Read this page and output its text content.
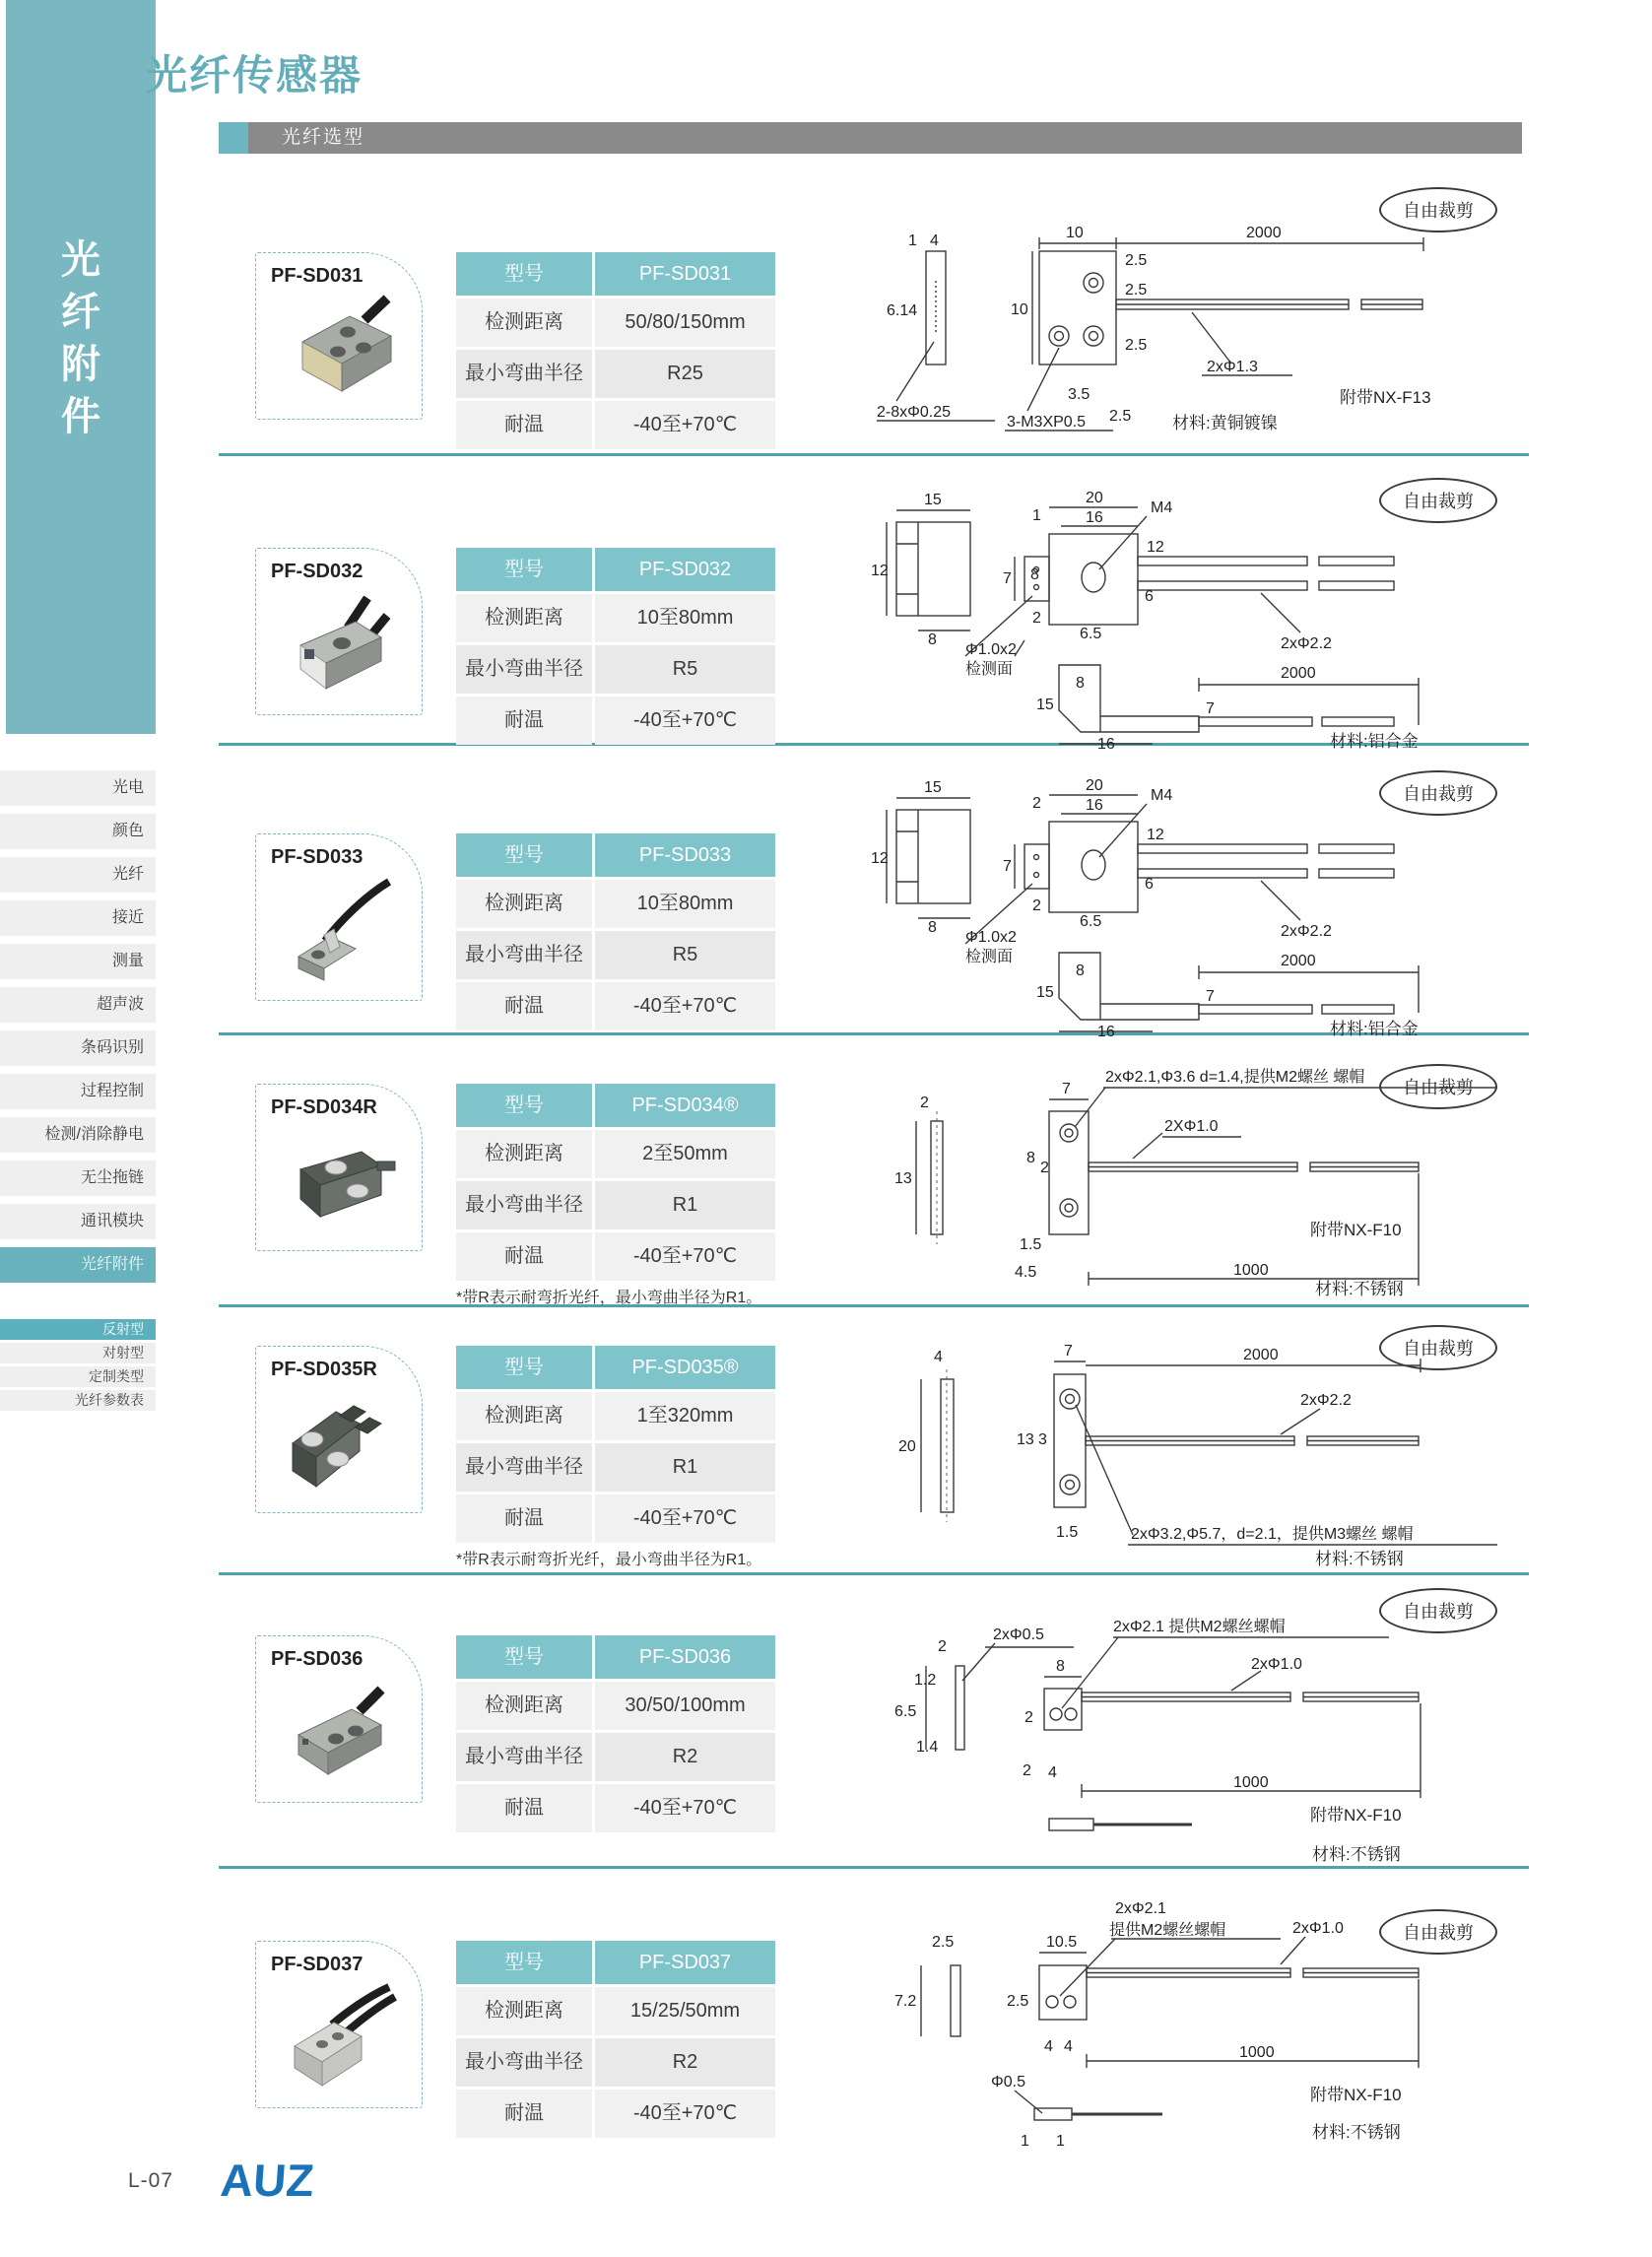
光纤附件
光电
颜色
光纤
接近
测量
超声波
条码识别
过程控制
检测/消除静电
无尘拖链
通讯模块
光纤附件
反射型
对射型
定制类型
光纤参数表
光纤传感器
光纤选型
自由裁剪
PF-SD031	型号	PF-SD031
检测距离	50/80/150mm
最小弯曲半径	R25
耐温	-40至+70℃
1 4
6.14
2-8xΦ0.25
10	2000
2.5
2.5
2.5
10
3.5
2.5
3-M3XP0.5
2xΦ1.3
材料:黄铜镀镍
附带NX-F13
自由裁剪
PF-SD032	型号	PF-SD032
检测距离	10至80mm
最小弯曲半径	R5
耐温	-40至+70℃
15
12
8
20
16
1
7 8
2
6.5
M4
12
6
2xΦ2.2
Φ1.0x2
检测面
8
15	7
16
2000
材料:铝合金
自由裁剪
PF-SD033	型号	PF-SD033
检测距离	10至80mm
最小弯曲半径	R5
耐温	-40至+70℃
15
12
8
20
16
2
7
2
6.5
M4
12
6
2xΦ2.2
Φ1.0x2
检测面
8
15	7
16
2000
材料:铝合金
自由裁剪
PF-SD034R	型号	PF-SD034®
检测距离	2至50mm
最小弯曲半径	R1
耐温	-40至+70℃
*带R表示耐弯折光纤，最小弯曲半径为R1。
2
13
7
2xΦ2.1,Φ3.6 d=1.4,提供M2螺丝 螺帽
2XΦ1.0
8
2
1.5
4.5	1000
附带NX-F10
材料:不锈钢
自由裁剪
PF-SD035R	型号	PF-SD035®
检测距离	1至320mm
最小弯曲半径	R1
耐温	-40至+70℃
*带R表示耐弯折光纤，最小弯曲半径为R1。
4
20
7	2000
2xΦ2.2
13 3
1.5	2xΦ3.2,Φ5.7，d=2.1，提供M3螺丝 螺帽
材料:不锈钢
自由裁剪
PF-SD036	型号	PF-SD036
检测距离	30/50/100mm
最小弯曲半径	R2
耐温	-40至+70℃
2
2xΦ0.5
1.2
6.5
1.4
8
2xΦ2.1 提供M2螺丝螺帽
2xΦ1.0
2
2 4
1000
附带NX-F10
材料:不锈钢
自由裁剪
PF-SD037	型号	PF-SD037
检测距离	15/25/50mm
最小弯曲半径	R2
耐温	-40至+70℃
2.5
7.2
10.5
2xΦ2.1
提供M2螺丝螺帽	2xΦ1.0
2.5
4 4	1000
Φ0.5
1 1
附带NX-F10
材料:不锈钢
L-07 AUZ
